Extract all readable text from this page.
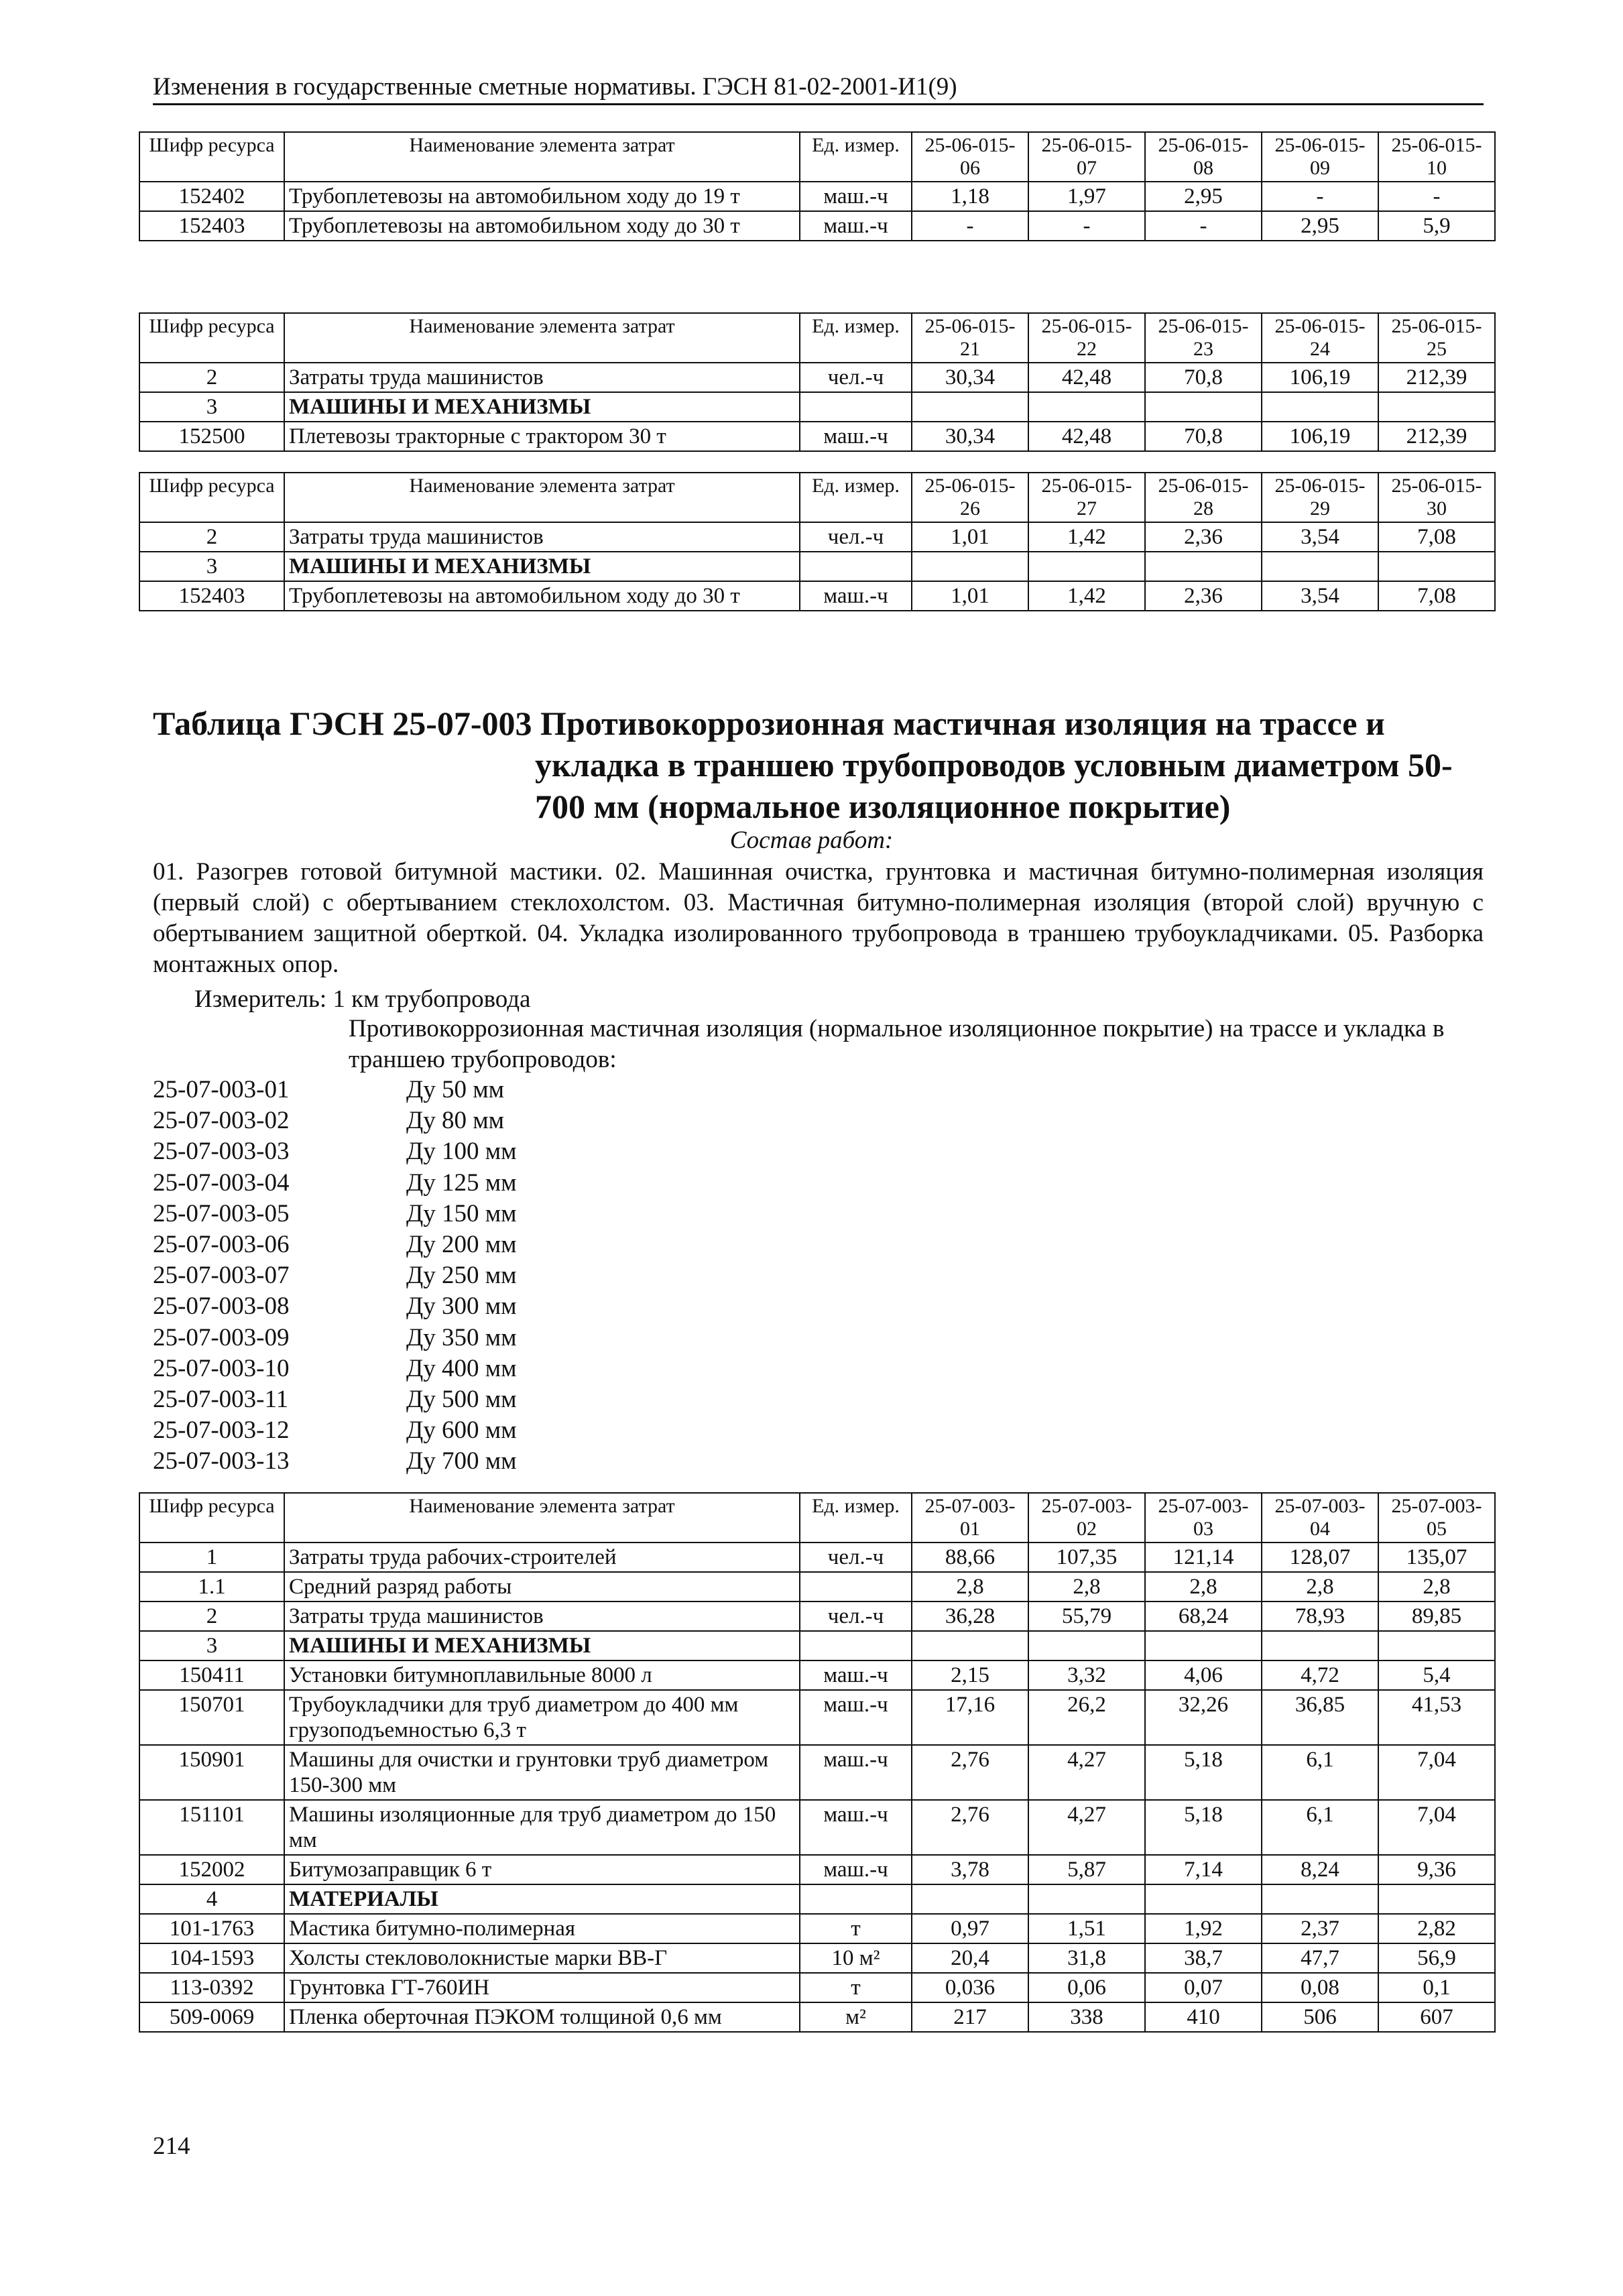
Изменения в государственные сметные нормативы. ГЭСН 81-02-2001-И1(9)
Шифр ресурса	Наименование элемента затрат	Ед. измер.	25-06-015-06	25-06-015-07	25-06-015-08	25-06-015-09	25-06-015-10
152402	Трубоплетевозы на автомобильном ходу до 19 т	маш.-ч	1,18	1,97	2,95	-	-
152403	Трубоплетевозы на автомобильном ходу до 30 т	маш.-ч	-	-	-	2,95	5,9
Шифр ресурса	Наименование элемента затрат	Ед. измер.	25-06-015-21	25-06-015-22	25-06-015-23	25-06-015-24	25-06-015-25
2	Затраты труда машинистов	чел.-ч	30,34	42,48	70,8	106,19	212,39
3	МАШИНЫ И МЕХАНИЗМЫ						
152500	Плетевозы тракторные с трактором 30 т	маш.-ч	30,34	42,48	70,8	106,19	212,39
Шифр ресурса	Наименование элемента затрат	Ед. измер.	25-06-015-26	25-06-015-27	25-06-015-28	25-06-015-29	25-06-015-30
2	Затраты труда машинистов	чел.-ч	1,01	1,42	2,36	3,54	7,08
3	МАШИНЫ И МЕХАНИЗМЫ						
152403	Трубоплетевозы на автомобильном ходу до 30 т	маш.-ч	1,01	1,42	2,36	3,54	7,08
Таблица ГЭСН 25-07-003 Противокоррозионная мастичная изоляция на трассе и
укладка в траншею трубопроводов условным диаметром 50-
700 мм (нормальное изоляционное покрытие)
Состав работ:
01. Разогрев готовой битумной мастики. 02. Машинная очистка, грунтовка и мастичная битумно-полимерная изоляция (первый слой) с обертыванием стеклохолстом. 03. Мастичная битумно-полимерная изоляция (второй слой) вручную с обертыванием защитной оберткой. 04. Укладка изолированного трубопровода в траншею трубоукладчиками. 05. Разборка монтажных опор.
Измеритель: 1 км трубопровода
Противокоррозионная мастичная изоляция (нормальное изоляционное покрытие) на трассе и укладка в траншею трубопроводов:
25-07-003-01	Ду 50 мм
25-07-003-02	Ду 80 мм
25-07-003-03	Ду 100 мм
25-07-003-04	Ду 125 мм
25-07-003-05	Ду 150 мм
25-07-003-06	Ду 200 мм
25-07-003-07	Ду 250 мм
25-07-003-08	Ду 300 мм
25-07-003-09	Ду 350 мм
25-07-003-10	Ду 400 мм
25-07-003-11	Ду 500 мм
25-07-003-12	Ду 600 мм
25-07-003-13	Ду 700 мм
Шифр ресурса	Наименование элемента затрат	Ед. измер.	25-07-003-01	25-07-003-02	25-07-003-03	25-07-003-04	25-07-003-05
1	Затраты труда рабочих-строителей	чел.-ч	88,66	107,35	121,14	128,07	135,07
1.1	Средний разряд работы		2,8	2,8	2,8	2,8	2,8
2	Затраты труда машинистов	чел.-ч	36,28	55,79	68,24	78,93	89,85
3	МАШИНЫ И МЕХАНИЗМЫ						
150411	Установки битумноплавильные 8000 л	маш.-ч	2,15	3,32	4,06	4,72	5,4
150701	Трубоукладчики для труб диаметром до 400 мм грузоподъемностью 6,3 т	маш.-ч	17,16	26,2	32,26	36,85	41,53
150901	Машины для очистки и грунтовки труб диаметром 150-300 мм	маш.-ч	2,76	4,27	5,18	6,1	7,04
151101	Машины изоляционные для труб диаметром до 150 мм	маш.-ч	2,76	4,27	5,18	6,1	7,04
152002	Битумозаправщик 6 т	маш.-ч	3,78	5,87	7,14	8,24	9,36
4	МАТЕРИАЛЫ						
101-1763	Мастика битумно-полимерная	т	0,97	1,51	1,92	2,37	2,82
104-1593	Холсты стекловолокнистые марки ВВ-Г	10 м²	20,4	31,8	38,7	47,7	56,9
113-0392	Грунтовка ГТ-760ИН	т	0,036	0,06	0,07	0,08	0,1
509-0069	Пленка оберточная ПЭКОМ толщиной 0,6 мм	м²	217	338	410	506	607
214
